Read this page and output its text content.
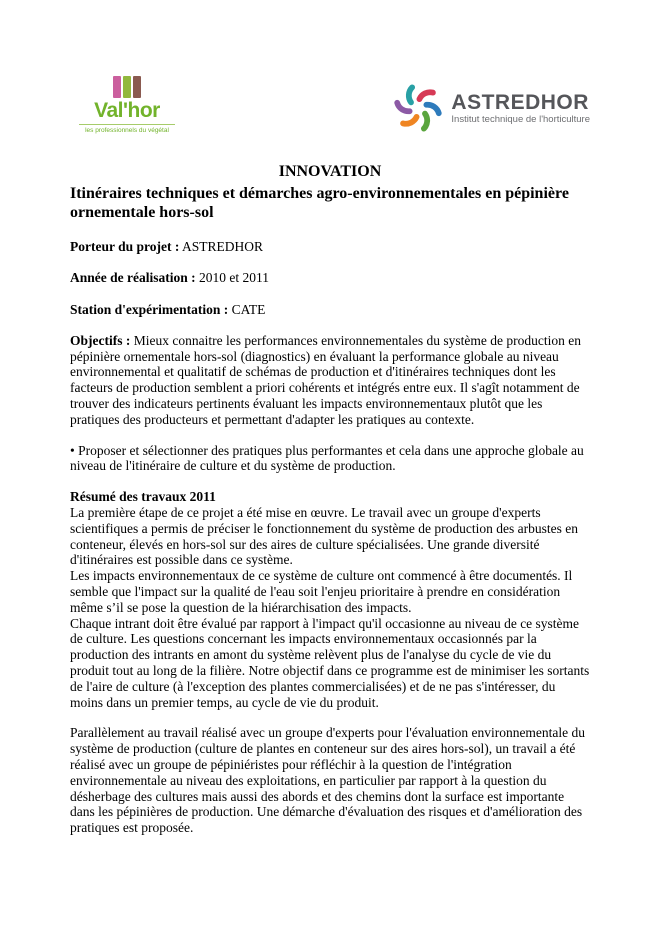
Val'hor
les professionnels du végétal
ASTREDHOR
Institut technique de l'horticulture
INNOVATION
Itinéraires techniques et démarches agro-environnementales en pépinière ornementale hors-sol

Porteur du projet : ASTREDHOR

Année de réalisation : 2010 et 2011

Station d'expérimentation : CATE

Objectifs : Mieux connaitre les performances environnementales du système de production en pépinière ornementale hors-sol (diagnostics) en évaluant la performance globale au niveau environnemental et qualitatif de schémas de production et d'itinéraires techniques dont les facteurs de production semblent a priori cohérents et intégrés entre eux. Il s'agît notamment de trouver des indicateurs pertinents évaluant les impacts environnementaux plutôt que les pratiques des producteurs et permettant d'adapter les pratiques au contexte.

• Proposer et sélectionner des pratiques plus performantes et cela dans une approche globale au niveau de l'itinéraire de culture et du système de production.

Résumé des travaux 2011

La première étape de ce projet a été mise en œuvre. Le travail avec un groupe d'experts scientifiques a permis de préciser le fonctionnement du système de production des arbustes en conteneur, élevés en hors-sol sur des aires de culture spécialisées. Une grande diversité d'itinéraires est possible dans ce système.

Les impacts environnementaux de ce système de culture ont commencé à être documentés. Il semble que l'impact sur la qualité de l'eau soit l'enjeu prioritaire à prendre en considération même s’il se pose la question de la hiérarchisation des impacts.

Chaque intrant doit être évalué par rapport à l'impact qu'il occasionne au niveau de ce système de culture. Les questions concernant les impacts environnementaux occasionnés par la production des intrants en amont du système relèvent plus de l'analyse du cycle de vie du produit tout au long de la filière. Notre objectif dans ce programme est de minimiser les sortants de l'aire de culture (à l'exception des plantes commercialisées) et de ne pas s'intéresser, du moins dans un premier temps, au cycle de vie du produit.

Parallèlement au travail réalisé avec un groupe d'experts pour l'évaluation environnementale du système de production (culture de plantes en conteneur sur des aires hors-sol), un travail a été réalisé avec un groupe de pépiniéristes pour réfléchir à la question de l'intégration environnementale au niveau des exploitations, en particulier par rapport à la question du désherbage des cultures mais aussi des abords et des chemins dont la surface est importante dans les pépinières de production. Une démarche d'évaluation des risques et d'amélioration des pratiques est proposée.
